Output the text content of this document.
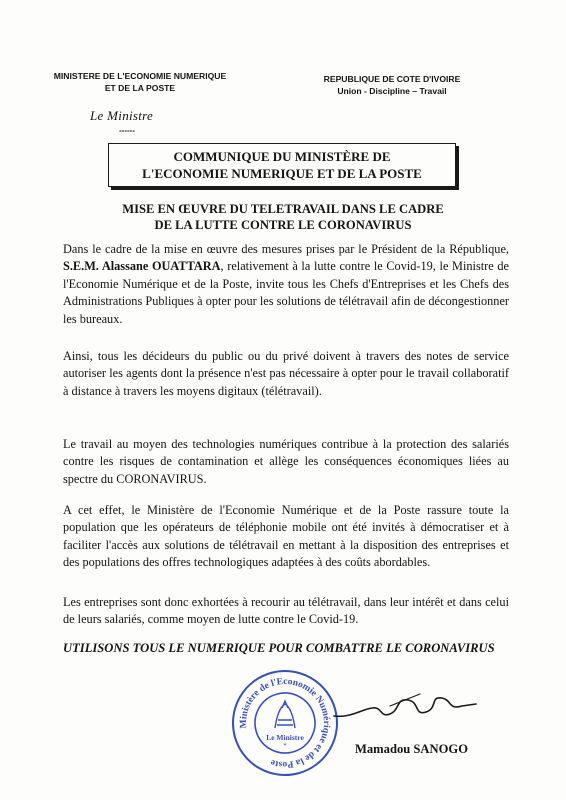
MINISTERE DE L'ECONOMIE NUMERIQUE
ET DE LA POSTE
REPUBLIQUE DE COTE D'IVOIRE
Union - Discipline – Travail
Le Ministre
------
COMMUNIQUE DU MINISTÈRE DE
L'ECONOMIE NUMERIQUE ET DE LA POSTE
MISE EN ŒUVRE DU TELETRAVAIL DANS LE CADRE
DE LA LUTTE CONTRE LE CORONAVIRUS

Dans le cadre de la mise en œuvre des mesures prises par le Président de la République, S.E.M. Alassane OUATTARA, relativement à la lutte contre le Covid-19, le Ministre de l'Economie Numérique et de la Poste, invite tous les Chefs d'Entreprises et les Chefs des Administrations Publiques à opter pour les solutions de télétravail afin de décongestionner les bureaux.

Ainsi, tous les décideurs du public ou du privé doivent à travers des notes de service autoriser les agents dont la présence n'est pas nécessaire à opter pour le travail collaboratif à distance à travers les moyens digitaux (télétravail).

Le travail au moyen des technologies numériques contribue à la protection des salariés contre les risques de contamination et allège les conséquences économiques liées au spectre du CORONAVIRUS.

A cet effet, le Ministère de l'Economie Numérique et de la Poste rassure toute la population que les opérateurs de téléphonie mobile ont été invités à démocratiser et à faciliter l'accès aux solutions de télétravail en mettant à la disposition des entreprises et des populations des offres technologiques adaptées à des coûts abordables.

Les entreprises sont donc exhortées à recourir au télétravail, dans leur intérêt et dans celui de leurs salariés, comme moyen de lutte contre le Covid-19.

UTILISONS TOUS LE NUMERIQUE POUR COMBATTRE LE CORONAVIRUS
Ministère de l'Economie Numérique et de la Poste
Le Ministre
*	Mamadou SANOGO
